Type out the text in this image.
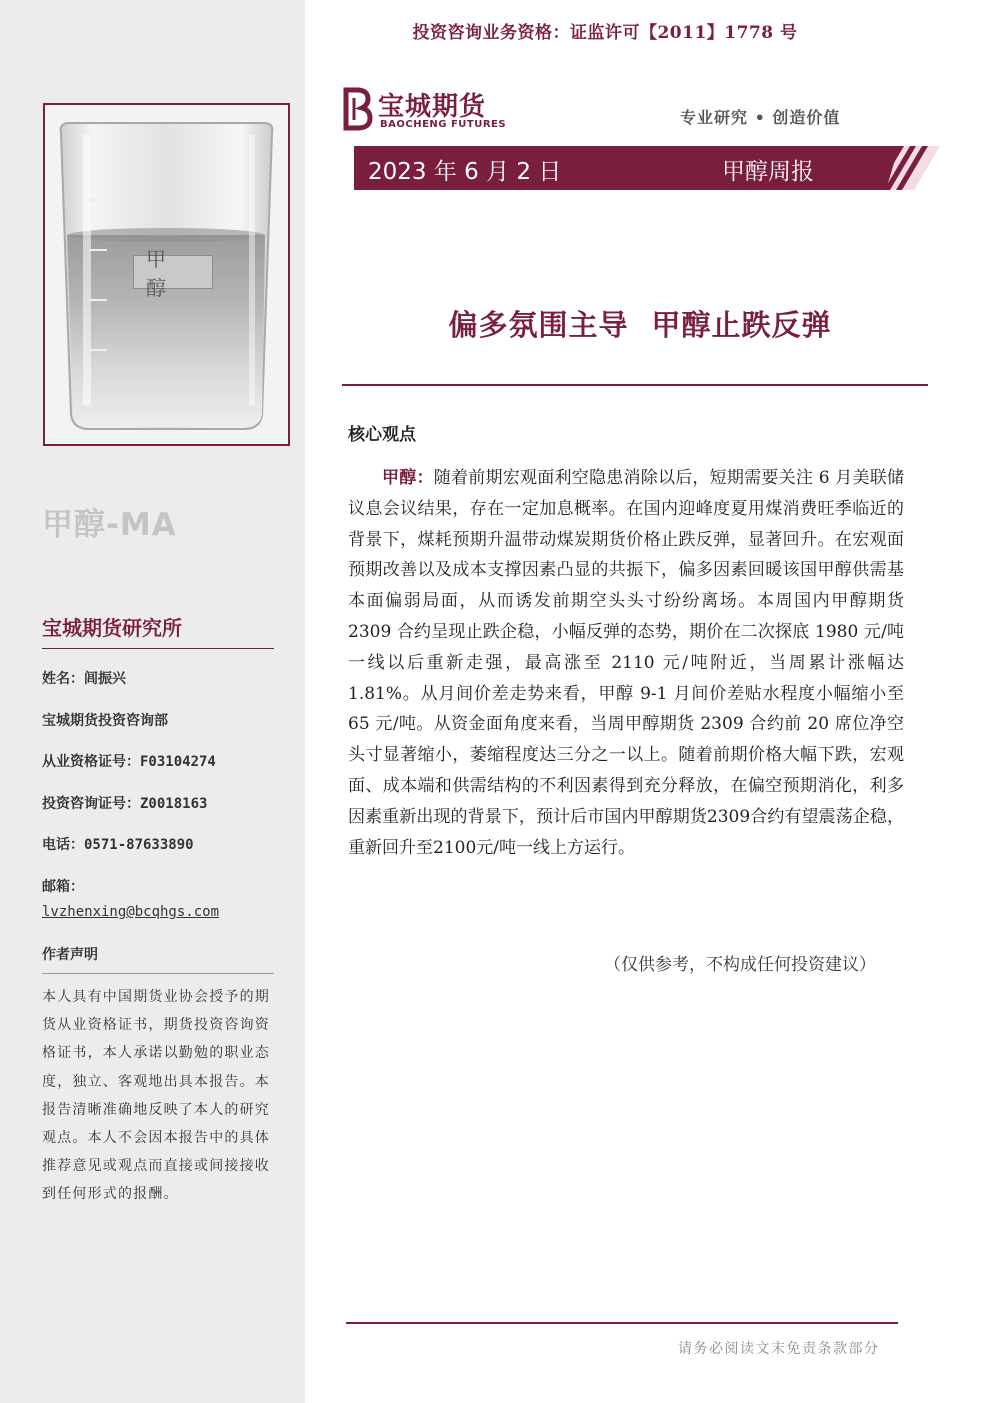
甲醇
甲醇-MA
宝城期货研究所
姓名：闾振兴
宝城期货投资咨询部
从业资格证号：F03104274
投资咨询证号：Z0018163
电话：0571-87633890
邮箱：
lvzhenxing@bcqhgs.com
作者声明
本人具有中国期货业协会授予的期货从业资格证书，期货投资咨询资格证书，本人承诺以勤勉的职业态度，独立、客观地出具本报告。本报告清晰准确地反映了本人的研究观点。本人不会因本报告中的具体推荐意见或观点而直接或间接接收到任何形式的报酬。
投资咨询业务资格：证监许可【2011】1778 号
宝城期货
BAOCHENG FUTURES	专业研究 • 创造价值
2023 年 6 月 2 日	甲醇周报
偏多氛围主导 甲醇止跌反弹
核心观点
甲醇：随着前期宏观面利空隐患消除以后，短期需要关注 6 月美联储议息会议结果，存在一定加息概率。在国内迎峰度夏用煤消费旺季临近的背景下，煤耗预期升温带动煤炭期货价格止跌反弹，显著回升。在宏观面预期改善以及成本支撑因素凸显的共振下，偏多因素回暖该国甲醇供需基本面偏弱局面，从而诱发前期空头头寸纷纷离场。本周国内甲醇期货 2309 合约呈现止跌企稳，小幅反弹的态势，期价在二次探底 1980 元/吨一线以后重新走强，最高涨至 2110 元/吨附近，当周累计涨幅达 1.81%。从月间价差走势来看，甲醇 9-1 月间价差贴水程度小幅缩小至 65 元/吨。从资金面角度来看，当周甲醇期货 2309 合约前 20 席位净空头寸显著缩小，萎缩程度达三分之一以上。随着前期价格大幅下跌，宏观面、成本端和供需结构的不利因素得到充分释放，在偏空预期消化，利多因素重新出现的背景下，预计后市国内甲醇期货2309合约有望震荡企稳，重新回升至2100元/吨一线上方运行。
（仅供参考，不构成任何投资建议）
请务必阅读文末免责条款部分
